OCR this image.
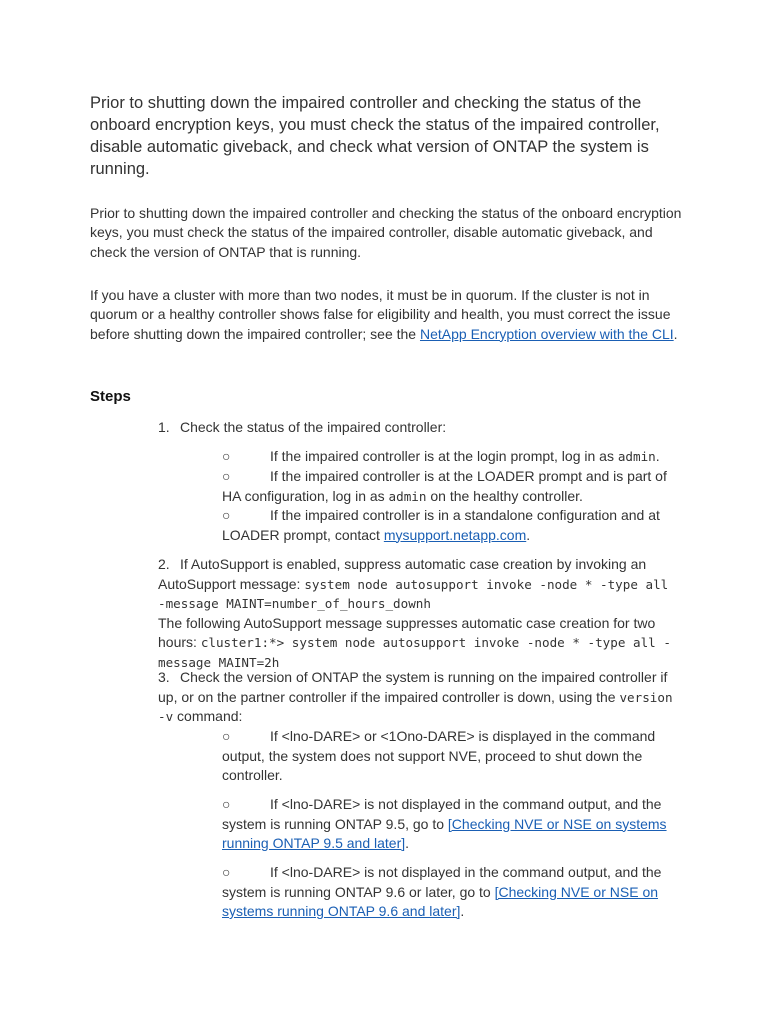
Prior to shutting down the impaired controller and checking the status of the onboard encryption keys, you must check the status of the impaired controller, disable automatic giveback, and check what version of ONTAP the system is running.

Prior to shutting down the impaired controller and checking the status of the onboard encryption keys, you must check the status of the impaired controller, disable automatic giveback, and check the version of ONTAP that is running.

If you have a cluster with more than two nodes, it must be in quorum. If the cluster is not in quorum or a healthy controller shows false for eligibility and health, you must correct the issue before shutting down the impaired controller; see the NetApp Encryption overview with the CLI.

Steps
1. Check the status of the impaired controller:
○	If the impaired controller is at the login prompt, log in as admin.
○	If the impaired controller is at the LOADER prompt and is part of HA configuration, log in as admin on the healthy controller.
○	If the impaired controller is in a standalone configuration and at LOADER prompt, contact mysupport.netapp.com.
2. If AutoSupport is enabled, suppress automatic case creation by invoking an AutoSupport message: system node autosupport invoke -node * -type all -message MAINT=number_of_hours_downh
The following AutoSupport message suppresses automatic case creation for two hours: cluster1:*> system node autosupport invoke -node * -type all -message MAINT=2h
3. Check the version of ONTAP the system is running on the impaired controller if up, or on the partner controller if the impaired controller is down, using the version -v command:
○	If <lno-DARE> or <1Ono-DARE> is displayed in the command output, the system does not support NVE, proceed to shut down the controller.
○	If <lno-DARE> is not displayed in the command output, and the system is running ONTAP 9.5, go to [Checking NVE or NSE on systems running ONTAP 9.5 and later].
○	If <lno-DARE> is not displayed in the command output, and the system is running ONTAP 9.6 or later, go to [Checking NVE or NSE on systems running ONTAP 9.6 and later].
